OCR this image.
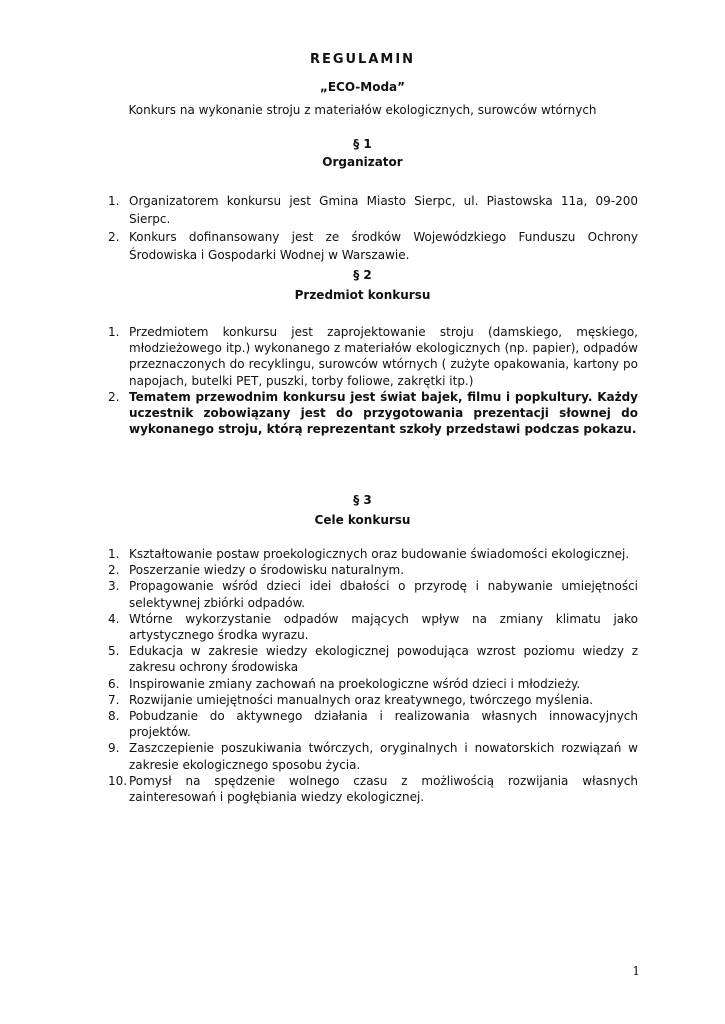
REGULAMIN
„ECO-Moda”
Konkurs na wykonanie stroju z materiałów ekologicznych, surowców wtórnych
§ 1
Organizator
1. Organizatorem konkursu jest Gmina Miasto Sierpc, ul. Piastowska 11a, 09-200 Sierpc.
2. Konkurs dofinansowany jest ze środków Wojewódzkiego Funduszu Ochrony Środowiska i Gospodarki Wodnej w Warszawie.
§ 2
Przedmiot konkursu
1. Przedmiotem konkursu jest zaprojektowanie stroju (damskiego, męskiego, młodzieżowego itp.) wykonanego z materiałów ekologicznych (np. papier), odpadów przeznaczonych do recyklingu, surowców wtórnych ( zużyte opakowania, kartony po napojach, butelki PET, puszki, torby foliowe, zakrętki itp.)
2. Tematem przewodnim konkursu jest świat bajek, filmu i popkultury. Każdy uczestnik zobowiązany jest do przygotowania prezentacji słownej do wykonanego stroju, którą reprezentant szkoły przedstawi podczas pokazu.
§ 3
Cele konkursu
1. Kształtowanie postaw proekologicznych oraz budowanie świadomości ekologicznej.
2. Poszerzanie wiedzy o środowisku naturalnym.
3. Propagowanie wśród dzieci idei dbałości o przyrodę i nabywanie umiejętności selektywnej zbiórki odpadów.
4. Wtórne wykorzystanie odpadów mających wpływ na zmiany klimatu jako artystycznego środka wyrazu.
5. Edukacja w zakresie wiedzy ekologicznej powodująca wzrost poziomu wiedzy z zakresu ochrony środowiska
6. Inspirowanie zmiany zachowań na proekologiczne wśród dzieci i młodzieży.
7. Rozwijanie umiejętności manualnych oraz kreatywnego, twórczego myślenia.
8. Pobudzanie do aktywnego działania i realizowania własnych innowacyjnych projektów.
9. Zaszczepienie poszukiwania twórczych, oryginalnych i nowatorskich rozwiązań w zakresie ekologicznego sposobu życia.
10. Pomysł na spędzenie wolnego czasu z możliwością rozwijania własnych zainteresowań i pogłębiania wiedzy ekologicznej.
1
